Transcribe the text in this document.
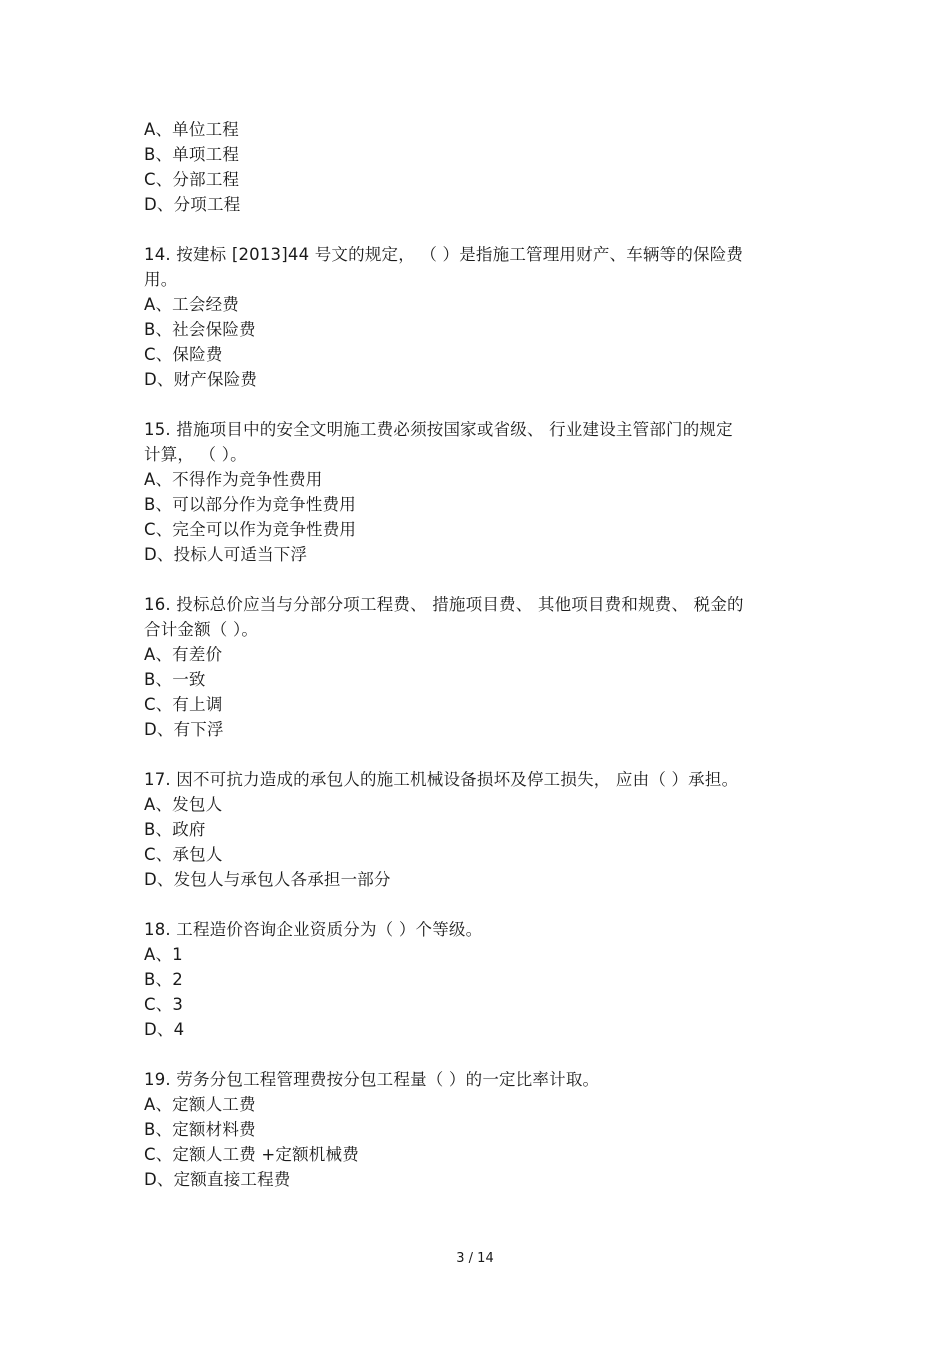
A、单位工程
B、单项工程
C、分部工程
D、分项工程
14. 按建标 [2013]44 号文的规定， （ ）是指施工管理用财产、车辆等的保险费
用。
A、工会经费
B、社会保险费
C、保险费
D、财产保险费
15. 措施项目中的安全文明施工费必须按国家或省级、 行业建设主管部门的规定
计算， （ ）。
A、不得作为竞争性费用
B、可以部分作为竞争性费用
C、完全可以作为竞争性费用
D、投标人可适当下浮
16. 投标总价应当与分部分项工程费、 措施项目费、 其他项目费和规费、 税金的
合计金额（ ）。
A、有差价
B、一致
C、有上调
D、有下浮
17. 因不可抗力造成的承包人的施工机械设备损坏及停工损失， 应由（ ）承担。
A、发包人
B、政府
C、承包人
D、发包人与承包人各承担一部分
18. 工程造价咨询企业资质分为（ ）个等级。
A、1
B、2
C、3
D、4
19. 劳务分包工程管理费按分包工程量（ ）的一定比率计取。
A、定额人工费
B、定额材料费
C、定额人工费 +定额机械费
D、定额直接工程费
3 / 14
